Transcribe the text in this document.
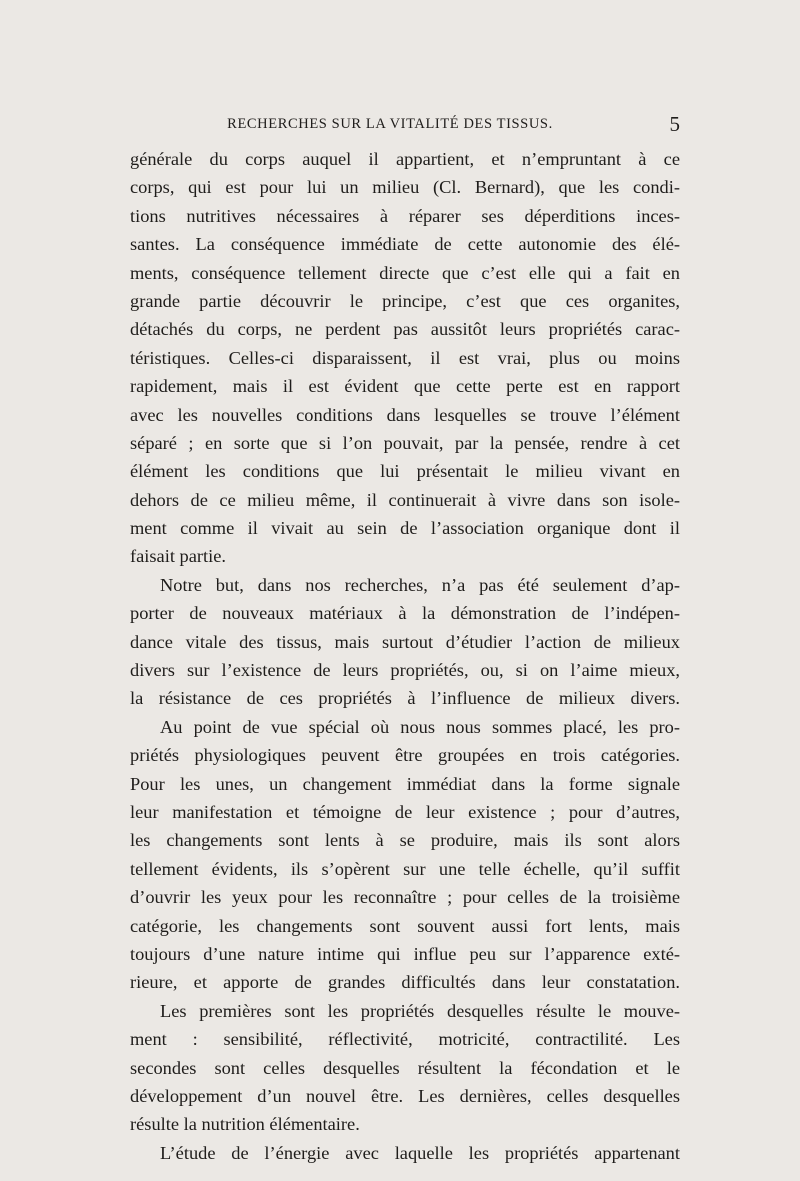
RECHERCHES SUR LA VITALITÉ DES TISSUS.	5
générale du corps auquel il appartient, et n’empruntant à ce
corps, qui est pour lui un milieu (Cl. Bernard), que les condi-
tions nutritives nécessaires à réparer ses déperditions inces-
santes. La conséquence immédiate de cette autonomie des élé-
ments, conséquence tellement directe que c’est elle qui a fait en
grande partie découvrir le principe, c’est que ces organites,
détachés du corps, ne perdent pas aussitôt leurs propriétés carac-
téristiques. Celles-ci disparaissent, il est vrai, plus ou moins
rapidement, mais il est évident que cette perte est en rapport
avec les nouvelles conditions dans lesquelles se trouve l’élément
séparé ; en sorte que si l’on pouvait, par la pensée, rendre à cet
élément les conditions que lui présentait le milieu vivant en
dehors de ce milieu même, il continuerait à vivre dans son isole-
ment comme il vivait au sein de l’association organique dont il
faisait partie.
Notre but, dans nos recherches, n’a pas été seulement d’ap-
porter de nouveaux matériaux à la démonstration de l’indépen-
dance vitale des tissus, mais surtout d’étudier l’action de milieux
divers sur l’existence de leurs propriétés, ou, si on l’aime mieux,
la résistance de ces propriétés à l’influence de milieux divers.
Au point de vue spécial où nous nous sommes placé, les pro-
priétés physiologiques peuvent être groupées en trois catégories.
Pour les unes, un changement immédiat dans la forme signale
leur manifestation et témoigne de leur existence ; pour d’autres,
les changements sont lents à se produire, mais ils sont alors
tellement évidents, ils s’opèrent sur une telle échelle, qu’il suffit
d’ouvrir les yeux pour les reconnaître ; pour celles de la troisième
catégorie, les changements sont souvent aussi fort lents, mais
toujours d’une nature intime qui influe peu sur l’apparence exté-
rieure, et apporte de grandes difficultés dans leur constatation.
Les premières sont les propriétés desquelles résulte le mouve-
ment : sensibilité, réflectivité, motricité, contractilité. Les
secondes sont celles desquelles résultent la fécondation et le
développement d’un nouvel être. Les dernières, celles desquelles
résulte la nutrition élémentaire.
L’étude de l’énergie avec laquelle les propriétés appartenant
